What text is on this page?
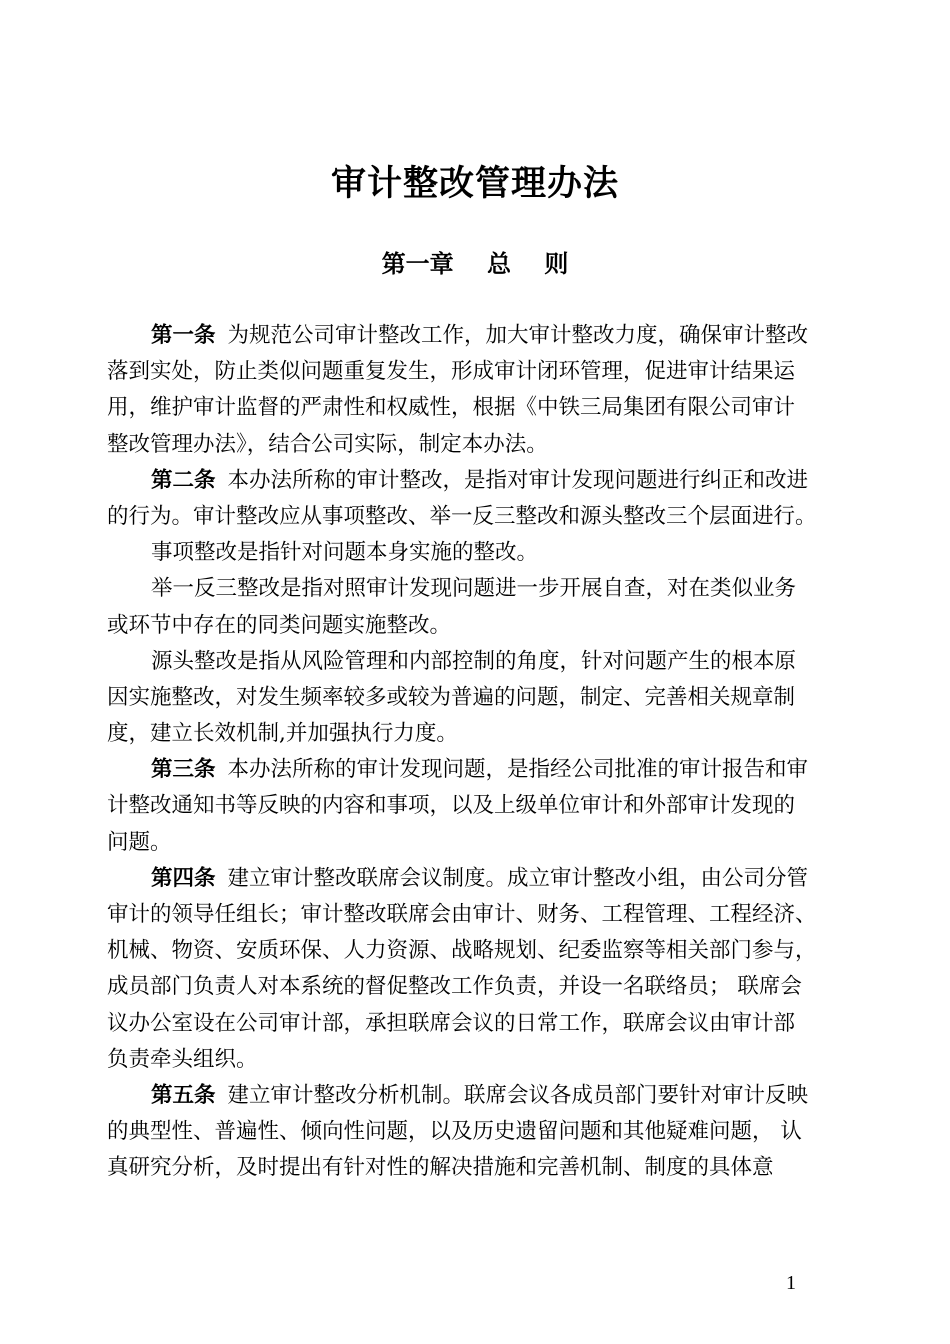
审计整改管理办法
第一章    总    则
第一条 为规范公司审计整改工作，加大审计整改力度，确保审计整改
落到实处，防止类似问题重复发生，形成审计闭环管理，促进审计结果运
用，维护审计监督的严肃性和权威性，根据《中铁三局集团有限公司审计
整改管理办法》，结合公司实际，制定本办法。
第二条 本办法所称的审计整改，是指对审计发现问题进行纠正和改进
的行为。审计整改应从事项整改、举一反三整改和源头整改三个层面进行。
事项整改是指针对问题本身实施的整改。
举一反三整改是指对照审计发现问题进一步开展自查，对在类似业务
或环节中存在的同类问题实施整改。
源头整改是指从风险管理和内部控制的角度，针对问题产生的根本原
因实施整改，对发生频率较多或较为普遍的问题，制定、完善相关规章制
度，建立长效机制,并加强执行力度。
第三条 本办法所称的审计发现问题，是指经公司批准的审计报告和审
计整改通知书等反映的内容和事项，以及上级单位审计和外部审计发现的
问题。
第四条 建立审计整改联席会议制度。成立审计整改小组，由公司分管
审计的领导任组长；审计整改联席会由审计、财务、工程管理、工程经济、
机械、物资、安质环保、人力资源、战略规划、纪委监察等相关部门参与，
成员部门负责人对本系统的督促整改工作负责，并设一名联络员； 联席会
议办公室设在公司审计部，承担联席会议的日常工作，联席会议由审计部
负责牵头组织。
第五条 建立审计整改分析机制。联席会议各成员部门要针对审计反映
的典型性、普遍性、倾向性问题，以及历史遗留问题和其他疑难问题， 认
真研究分析，及时提出有针对性的解决措施和完善机制、制度的具体意
1
